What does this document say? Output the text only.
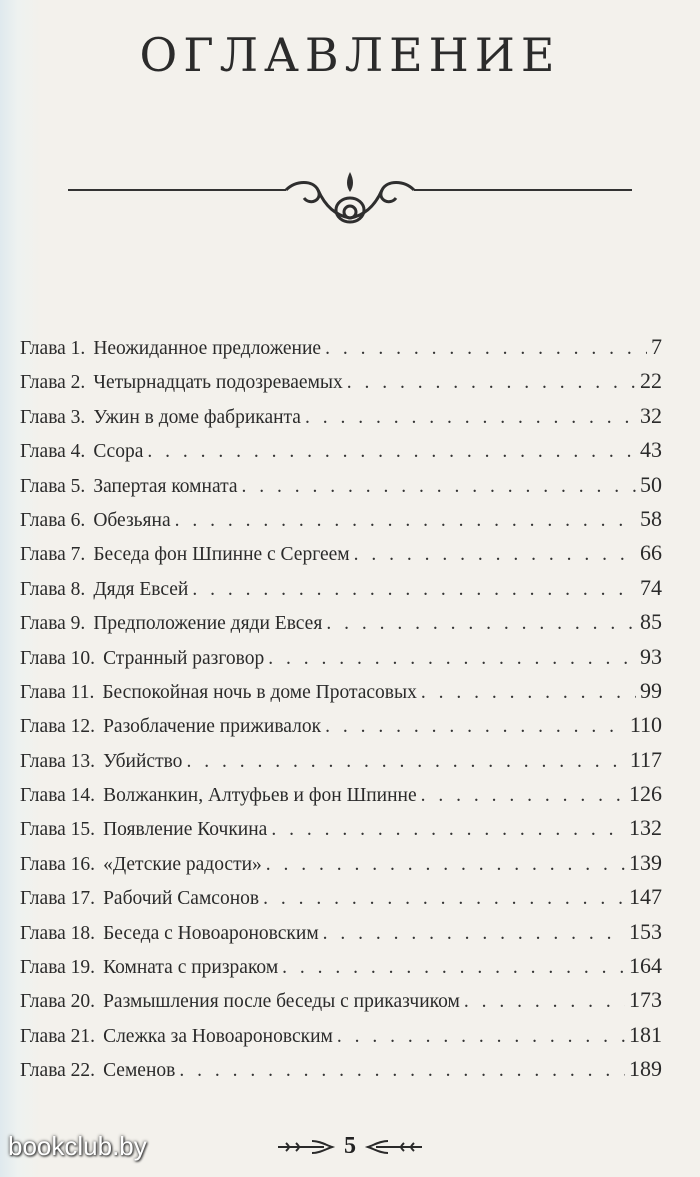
ОГЛАВЛЕНИЕ
Глава 1. Неожиданное предложение . . .	7
Глава 2. Четырнадцать подозреваемых . . .	22
Глава 3. Ужин в доме фабриканта . . .	32
Глава 4. Ссора . . .	43
Глава 5. Запертая комната . . .	50
Глава 6. Обезьяна . . .	58
Глава 7. Беседа фон Шпинне с Сергеем . . .	66
Глава 8. Дядя Евсей . . .	74
Глава 9. Предположение дяди Евсея . . .	85
Глава 10. Странный разговор . . .	93
Глава 11. Беспокойная ночь в доме Протасовых . . .	99
Глава 12. Разоблачение приживалок . . .	110
Глава 13. Убийство . . .	117
Глава 14. Волжанкин, Алтуфьев и фон Шпинне . . .	126
Глава 15. Появление Кочкина . . .	132
Глава 16. «Детские радости» . . .	139
Глава 17. Рабочий Самсонов . . .	147
Глава 18. Беседа с Новоароновским . . .	153
Глава 19. Комната с призраком . . .	164
Глава 20. Размышления после беседы с приказчиком . . .	173
Глава 21. Слежка за Новоароновским . . .	181
Глава 22. Семенов . . .	189
5
bookclub.by
